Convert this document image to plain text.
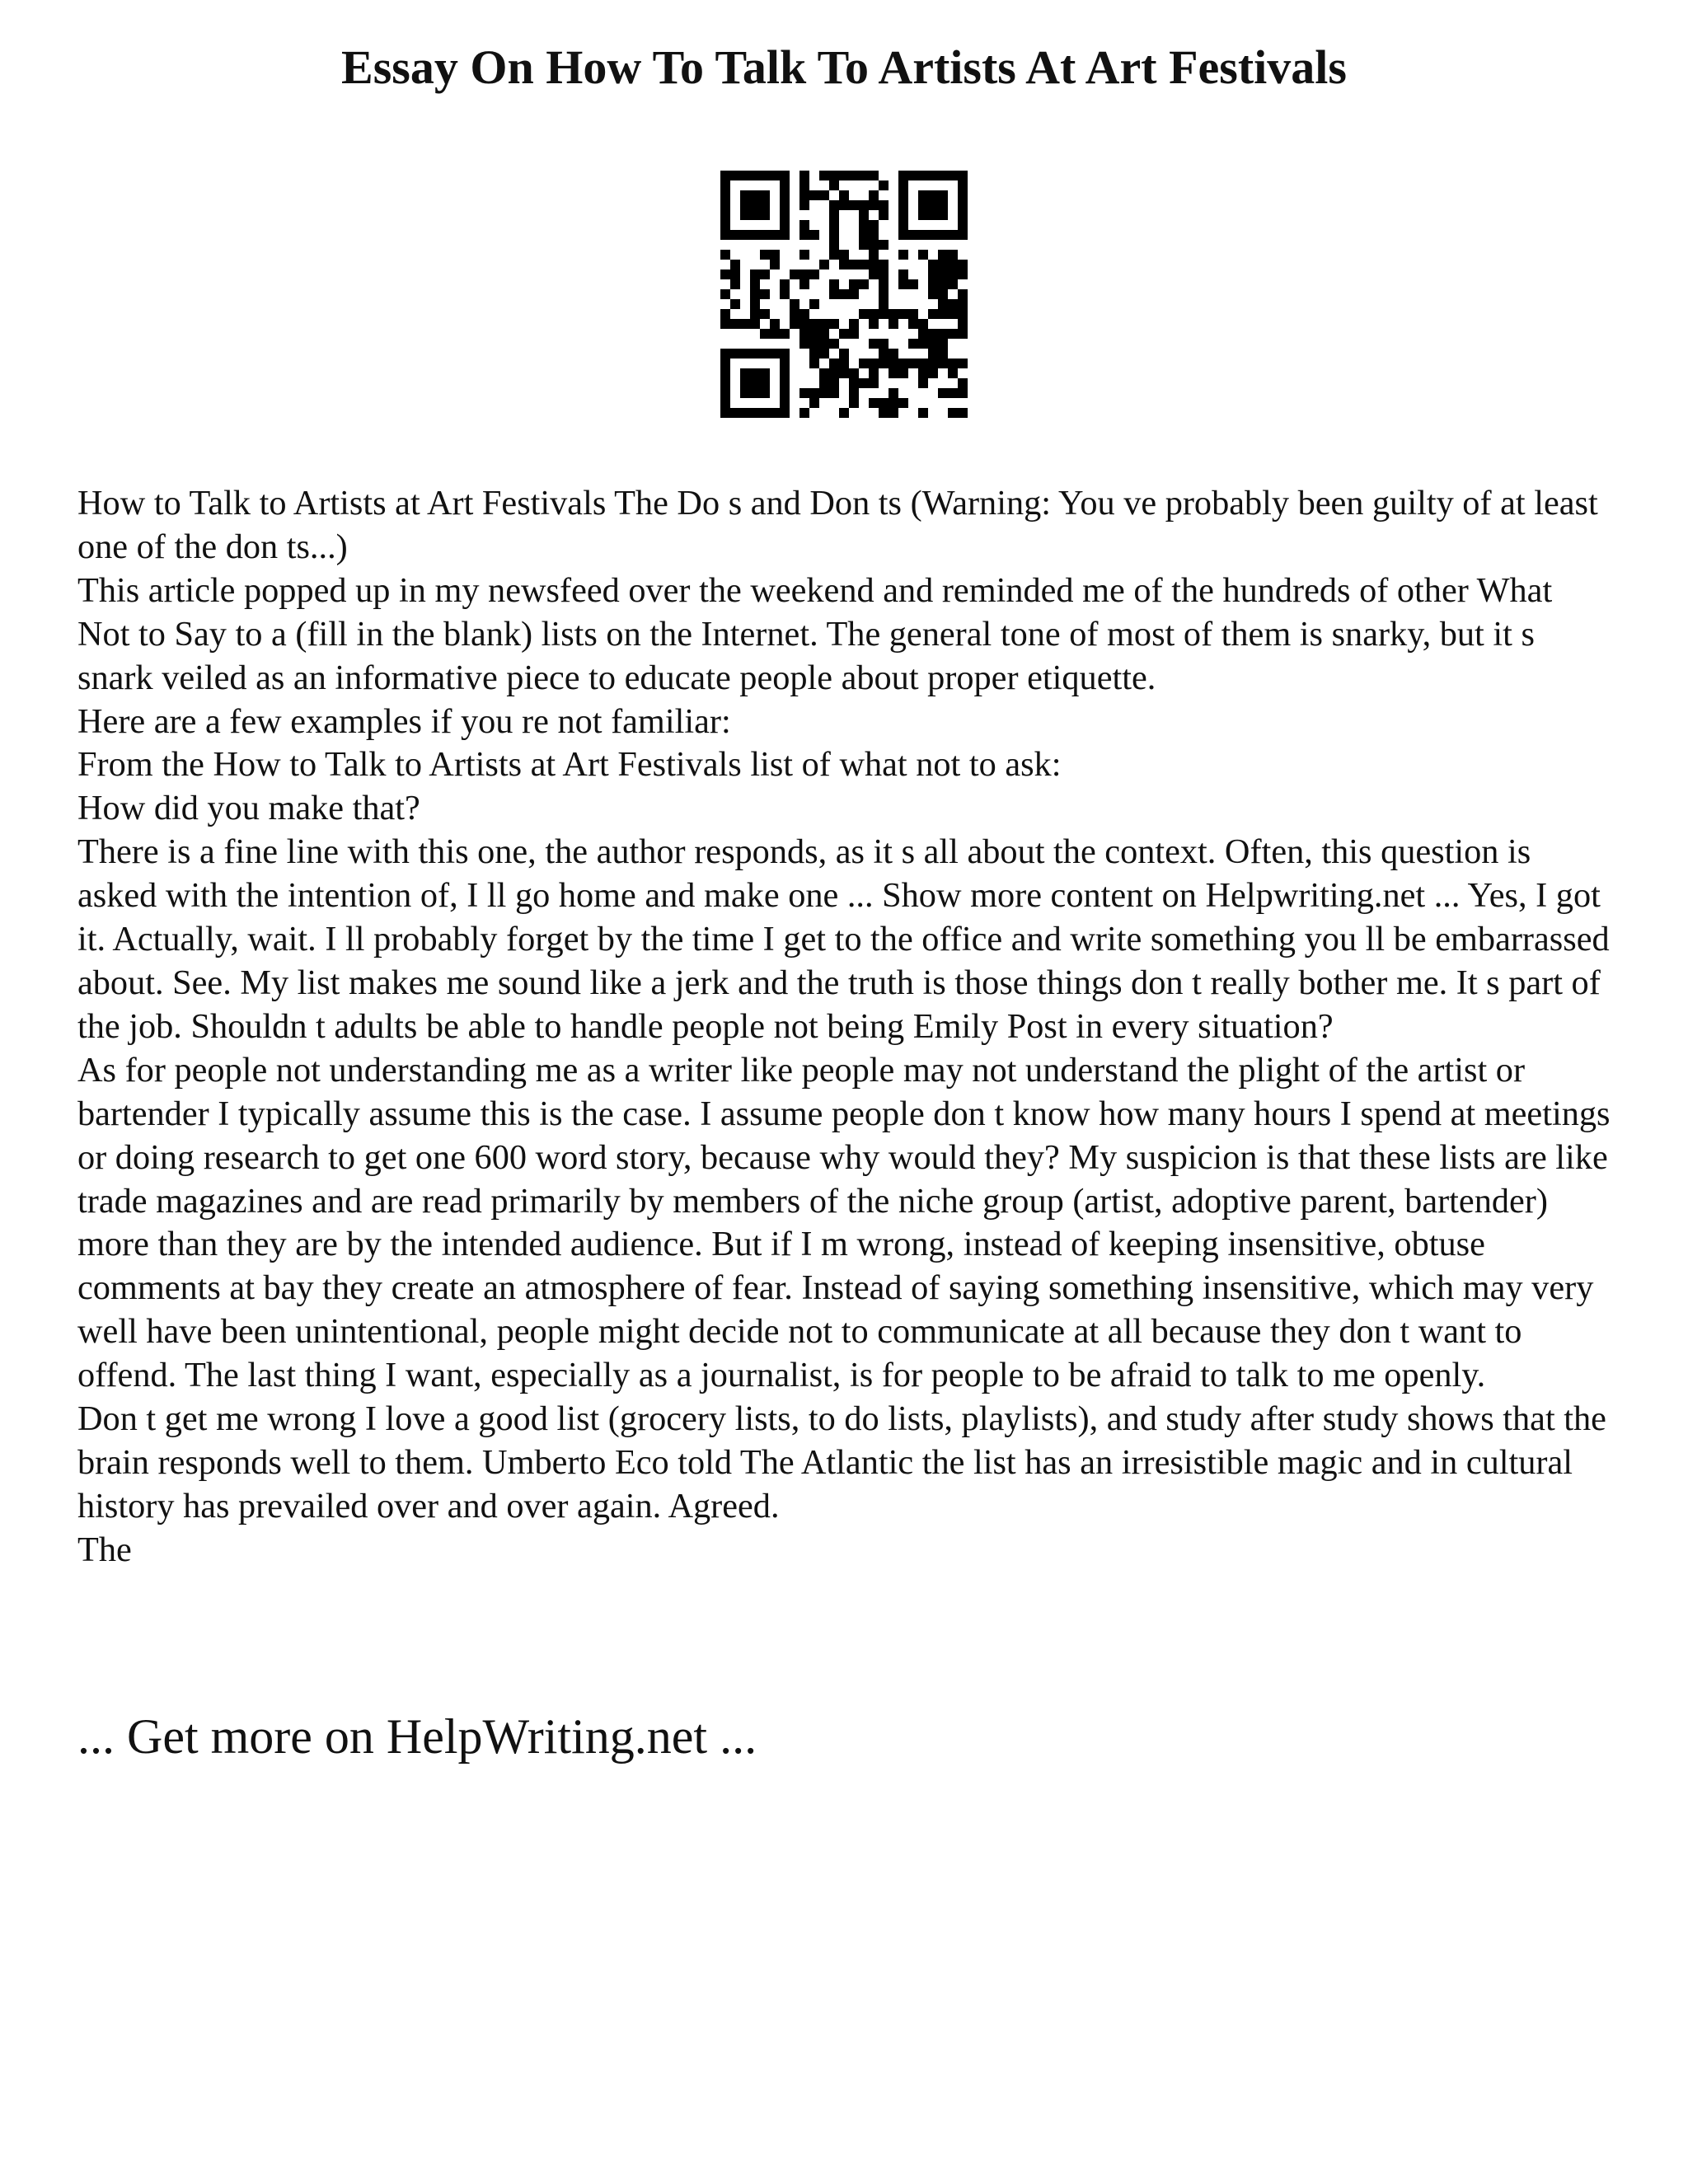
Essay On How To Talk To Artists At Art Festivals

How to Talk to Artists at Art Festivals The Do s and Don ts (Warning: You ve probably been guilty of at least one of the don ts...)

This article popped up in my newsfeed over the weekend and reminded me of the hundreds of other What Not to Say to a (fill in the blank) lists on the Internet. The general tone of most of them is snarky, but it s snark veiled as an informative piece to educate people about proper etiquette.

Here are a few examples if you re not familiar:

From the How to Talk to Artists at Art Festivals list of what not to ask:

How did you make that?

There is a fine line with this one, the author responds, as it s all about the context. Often, this question is asked with the intention of, I ll go home and make one ... Show more content on Helpwriting.net ... Yes, I got it. Actually, wait. I ll probably forget by the time I get to the office and write something you ll be embarrassed about. See. My list makes me sound like a jerk and the truth is those things don t really bother me. It s part of the job. Shouldn t adults be able to handle people not being Emily Post in every situation?

As for people not understanding me as a writer like people may not understand the plight of the artist or bartender I typically assume this is the case. I assume people don t know how many hours I spend at meetings or doing research to get one 600 word story, because why would they? My suspicion is that these lists are like trade magazines and are read primarily by members of the niche group (artist, adoptive parent, bartender) more than they are by the intended audience. But if I m wrong, instead of keeping insensitive, obtuse comments at bay they create an atmosphere of fear. Instead of saying something insensitive, which may very well have been unintentional, people might decide not to communicate at all because they don t want to offend. The last thing I want, especially as a journalist, is for people to be afraid to talk to me openly.

Don t get me wrong I love a good list (grocery lists, to do lists, playlists), and study after study shows that the brain responds well to them. Umberto Eco told The Atlantic the list has an irresistible magic and in cultural history has prevailed over and over again. Agreed.

The

... Get more on HelpWriting.net ...
